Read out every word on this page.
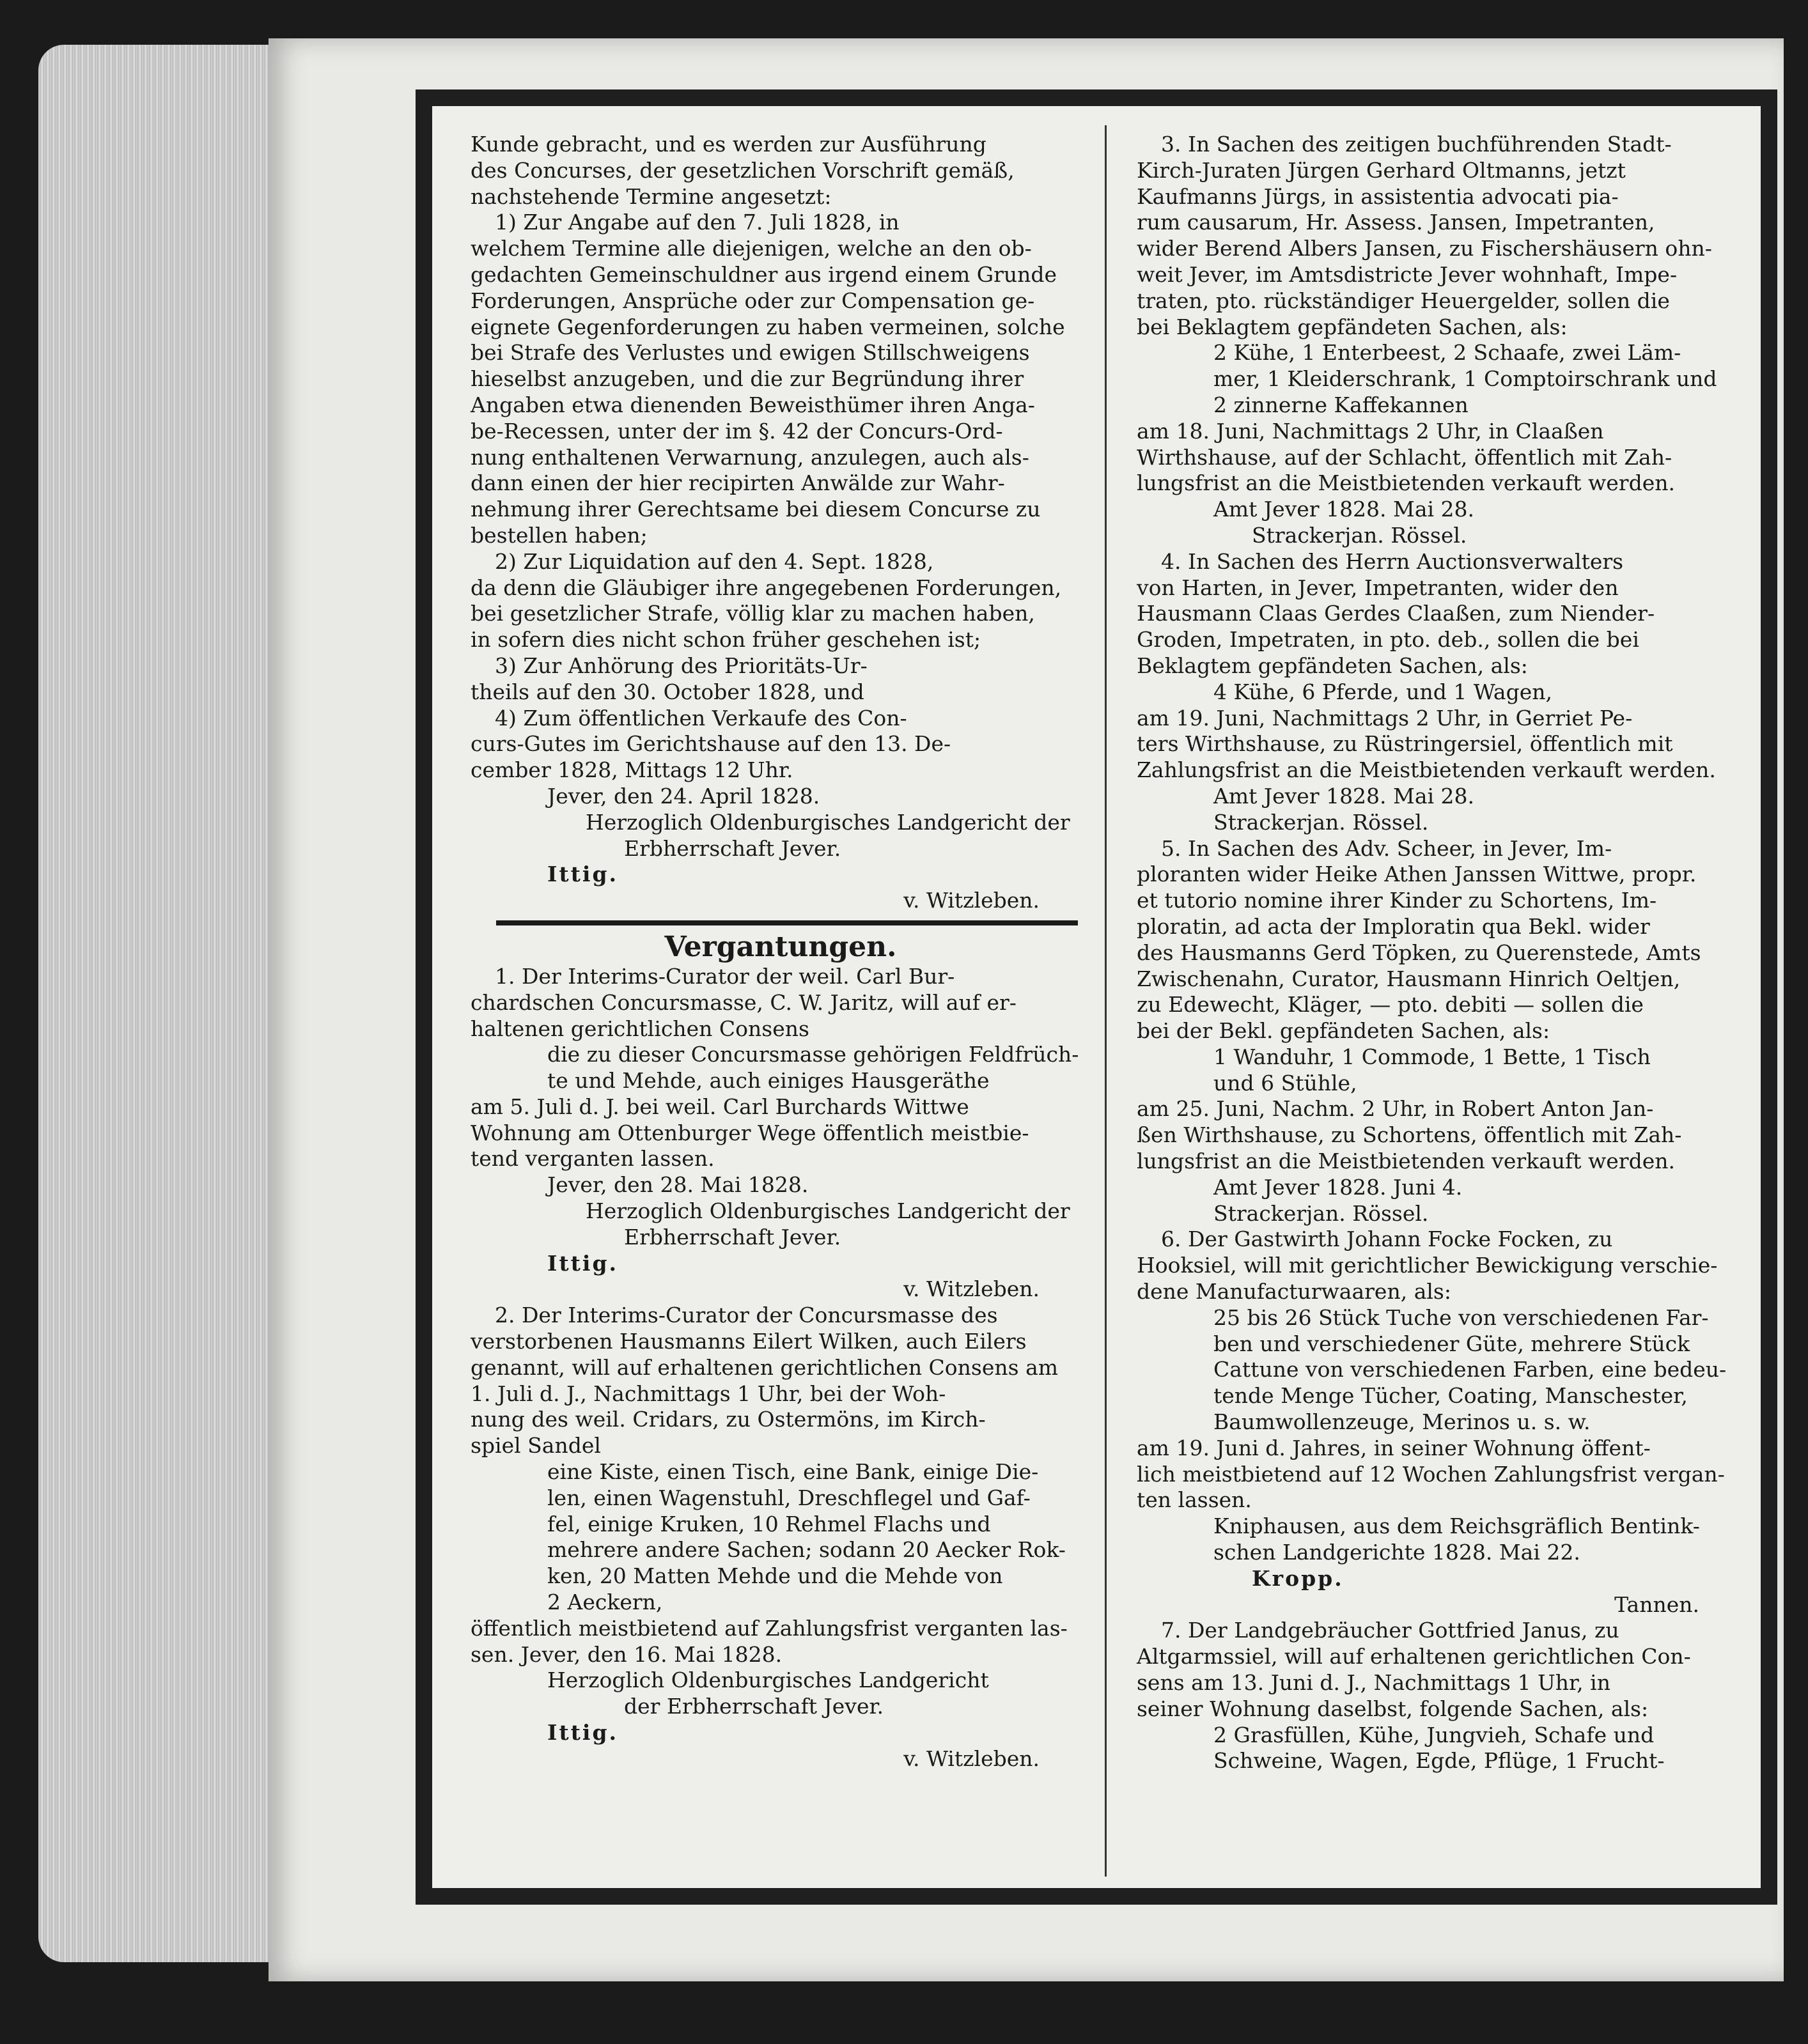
Kunde gebracht, und es werden zur Ausführung
des Concurses, der gesetzlichen Vorschrift gemäß,
nachstehende Termine angesetzt:
1) Zur Angabe auf den 7. Juli 1828, in
welchem Termine alle diejenigen, welche an den ob-
gedachten Gemeinschuldner aus irgend einem Grunde
Forderungen, Ansprüche oder zur Compensation ge-
eignete Gegenforderungen zu haben vermeinen, solche
bei Strafe des Verlustes und ewigen Stillschweigens
hieselbst anzugeben, und die zur Begründung ihrer
Angaben etwa dienenden Beweisthümer ihren Anga-
be-Recessen, unter der im §. 42 der Concurs-Ord-
nung enthaltenen Verwarnung, anzulegen, auch als-
dann einen der hier recipirten Anwälde zur Wahr-
nehmung ihrer Gerechtsame bei diesem Concurse zu
bestellen haben;
2) Zur Liquidation auf den 4. Sept. 1828,
da denn die Gläubiger ihre angegebenen Forderungen,
bei gesetzlicher Strafe, völlig klar zu machen haben,
in sofern dies nicht schon früher geschehen ist;
3) Zur Anhörung des Prioritäts-Ur-
theils auf den 30. October 1828, und
4) Zum öffentlichen Verkaufe des Con-
curs-Gutes im Gerichtshause auf den 13. De-
cember 1828, Mittags 12 Uhr.
Jever, den 24. April 1828.
Herzoglich Oldenburgisches Landgericht der
Erbherrschaft Jever.
Ittig.
v. Witzleben.
Vergantungen.
1. Der Interims-Curator der weil. Carl Bur-
chardschen Concursmasse, C. W. Jaritz, will auf er-
haltenen gerichtlichen Consens
die zu dieser Concursmasse gehörigen Feldfrüch-
te und Mehde, auch einiges Hausgeräthe
am 5. Juli d. J. bei weil. Carl Burchards Wittwe
Wohnung am Ottenburger Wege öffentlich meistbie-
tend verganten lassen.
Jever, den 28. Mai 1828.
Herzoglich Oldenburgisches Landgericht der
Erbherrschaft Jever.
Ittig.
v. Witzleben.
2. Der Interims-Curator der Concursmasse des
verstorbenen Hausmanns Eilert Wilken, auch Eilers
genannt, will auf erhaltenen gerichtlichen Consens am
1. Juli d. J., Nachmittags 1 Uhr, bei der Woh-
nung des weil. Cridars, zu Ostermöns, im Kirch-
spiel Sandel
eine Kiste, einen Tisch, eine Bank, einige Die-
len, einen Wagenstuhl, Dreschflegel und Gaf-
fel, einige Kruken, 10 Rehmel Flachs und
mehrere andere Sachen; sodann 20 Aecker Rok-
ken, 20 Matten Mehde und die Mehde von
2 Aeckern,
öffentlich meistbietend auf Zahlungsfrist verganten las-
sen. Jever, den 16. Mai 1828.
Herzoglich Oldenburgisches Landgericht
der Erbherrschaft Jever.
Ittig.
v. Witzleben.
3. In Sachen des zeitigen buchführenden Stadt-
Kirch-Juraten Jürgen Gerhard Oltmanns, jetzt
Kaufmanns Jürgs, in assistentia advocati pia-
rum causarum, Hr. Assess. Jansen, Impetranten,
wider Berend Albers Jansen, zu Fischershäusern ohn-
weit Jever, im Amtsdistricte Jever wohnhaft, Impe-
traten, pto. rückständiger Heuergelder, sollen die
bei Beklagtem gepfändeten Sachen, als:
2 Kühe, 1 Enterbeest, 2 Schaafe, zwei Läm-
mer, 1 Kleiderschrank, 1 Comptoirschrank und
2 zinnerne Kaffekannen
am 18. Juni, Nachmittags 2 Uhr, in Claaßen
Wirthshause, auf der Schlacht, öffentlich mit Zah-
lungsfrist an die Meistbietenden verkauft werden.
Amt Jever 1828. Mai 28.
Strackerjan. Rössel.
4. In Sachen des Herrn Auctionsverwalters
von Harten, in Jever, Impetranten, wider den
Hausmann Claas Gerdes Claaßen, zum Niender-
Groden, Impetraten, in pto. deb., sollen die bei
Beklagtem gepfändeten Sachen, als:
4 Kühe, 6 Pferde, und 1 Wagen,
am 19. Juni, Nachmittags 2 Uhr, in Gerriet Pe-
ters Wirthshause, zu Rüstringersiel, öffentlich mit
Zahlungsfrist an die Meistbietenden verkauft werden.
Amt Jever 1828. Mai 28.
Strackerjan. Rössel.
5. In Sachen des Adv. Scheer, in Jever, Im-
ploranten wider Heike Athen Janssen Wittwe, propr.
et tutorio nomine ihrer Kinder zu Schortens, Im-
ploratin, ad acta der Imploratin qua Bekl. wider
des Hausmanns Gerd Töpken, zu Querenstede, Amts
Zwischenahn, Curator, Hausmann Hinrich Oeltjen,
zu Edewecht, Kläger, — pto. debiti — sollen die
bei der Bekl. gepfändeten Sachen, als:
1 Wanduhr, 1 Commode, 1 Bette, 1 Tisch
und 6 Stühle,
am 25. Juni, Nachm. 2 Uhr, in Robert Anton Jan-
ßen Wirthshause, zu Schortens, öffentlich mit Zah-
lungsfrist an die Meistbietenden verkauft werden.
Amt Jever 1828. Juni 4.
Strackerjan. Rössel.
6. Der Gastwirth Johann Focke Focken, zu
Hooksiel, will mit gerichtlicher Bewickigung verschie-
dene Manufacturwaaren, als:
25 bis 26 Stück Tuche von verschiedenen Far-
ben und verschiedener Güte, mehrere Stück
Cattune von verschiedenen Farben, eine bedeu-
tende Menge Tücher, Coating, Manschester,
Baumwollenzeuge, Merinos u. s. w.
am 19. Juni d. Jahres, in seiner Wohnung öffent-
lich meistbietend auf 12 Wochen Zahlungsfrist vergan-
ten lassen.
Kniphausen, aus dem Reichsgräflich Bentink-
schen Landgerichte 1828. Mai 22.
Kropp.
Tannen.
7. Der Landgebräucher Gottfried Janus, zu
Altgarmssiel, will auf erhaltenen gerichtlichen Con-
sens am 13. Juni d. J., Nachmittags 1 Uhr, in
seiner Wohnung daselbst, folgende Sachen, als:
2 Grasfüllen, Kühe, Jungvieh, Schafe und
Schweine, Wagen, Egde, Pflüge, 1 Frucht-
